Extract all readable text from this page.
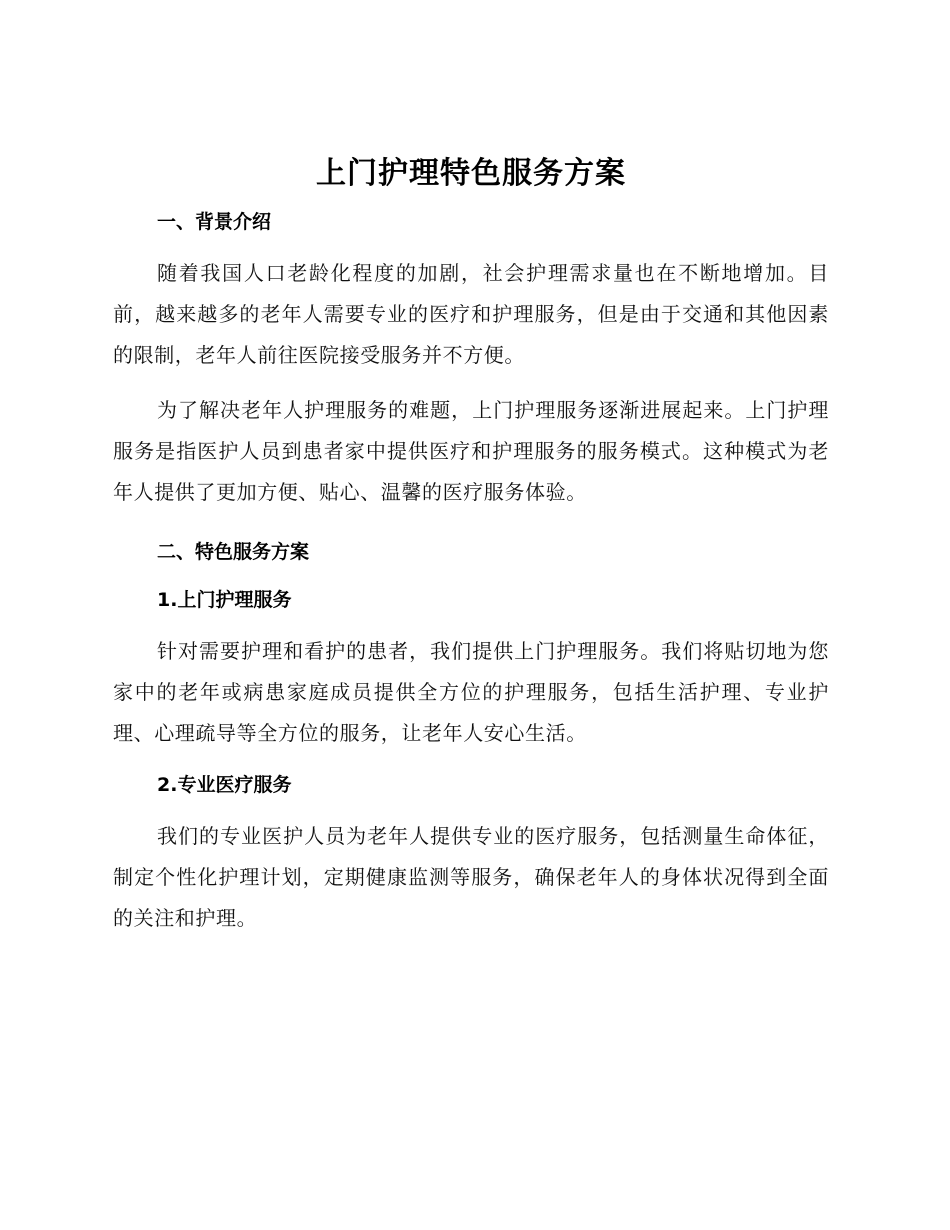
上门护理特色服务方案
一、背景介绍

随着我国人口老龄化程度的加剧，社会护理需求量也在不断地增加。目前，越来越多的老年人需要专业的医疗和护理服务，但是由于交通和其他因素的限制，老年人前往医院接受服务并不方便。

为了解决老年人护理服务的难题，上门护理服务逐渐进展起来。上门护理服务是指医护人员到患者家中提供医疗和护理服务的服务模式。这种模式为老年人提供了更加方便、贴心、温馨的医疗服务体验。

二、特色服务方案
1.上门护理服务

针对需要护理和看护的患者，我们提供上门护理服务。我们将贴切地为您家中的老年或病患家庭成员提供全方位的护理服务，包括生活护理、专业护理、心理疏导等全方位的服务，让老年人安心生活。

2.专业医疗服务

我们的专业医护人员为老年人提供专业的医疗服务，包括测量生命体征，制定个性化护理计划，定期健康监测等服务，确保老年人的身体状况得到全面的关注和护理。
